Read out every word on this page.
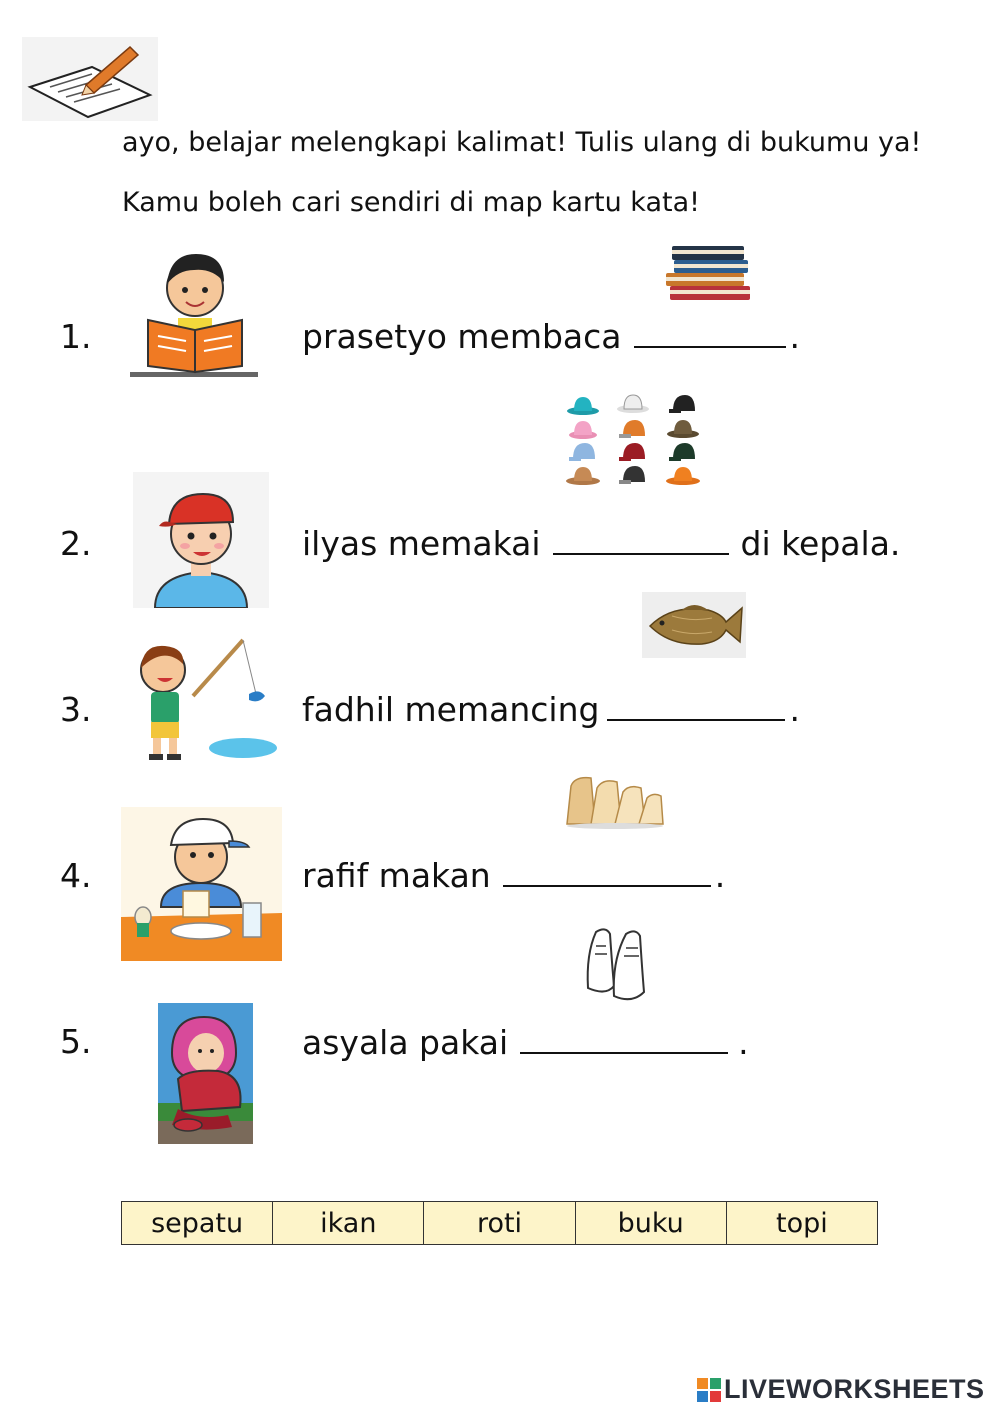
ayo, belajar melengkapi kalimat! Tulis ulang di bukumu ya!
Kamu boleh cari sendiri di map kartu kata!
1.	prasetyo membaca	.
2.	ilyas memakai	di kepala.
3.	fadhil memancing	.
4.	rafif makan	.
5.	asyala pakai	.
sepatu	ikan	roti	buku	topi
LIVEWORKSHEETS
